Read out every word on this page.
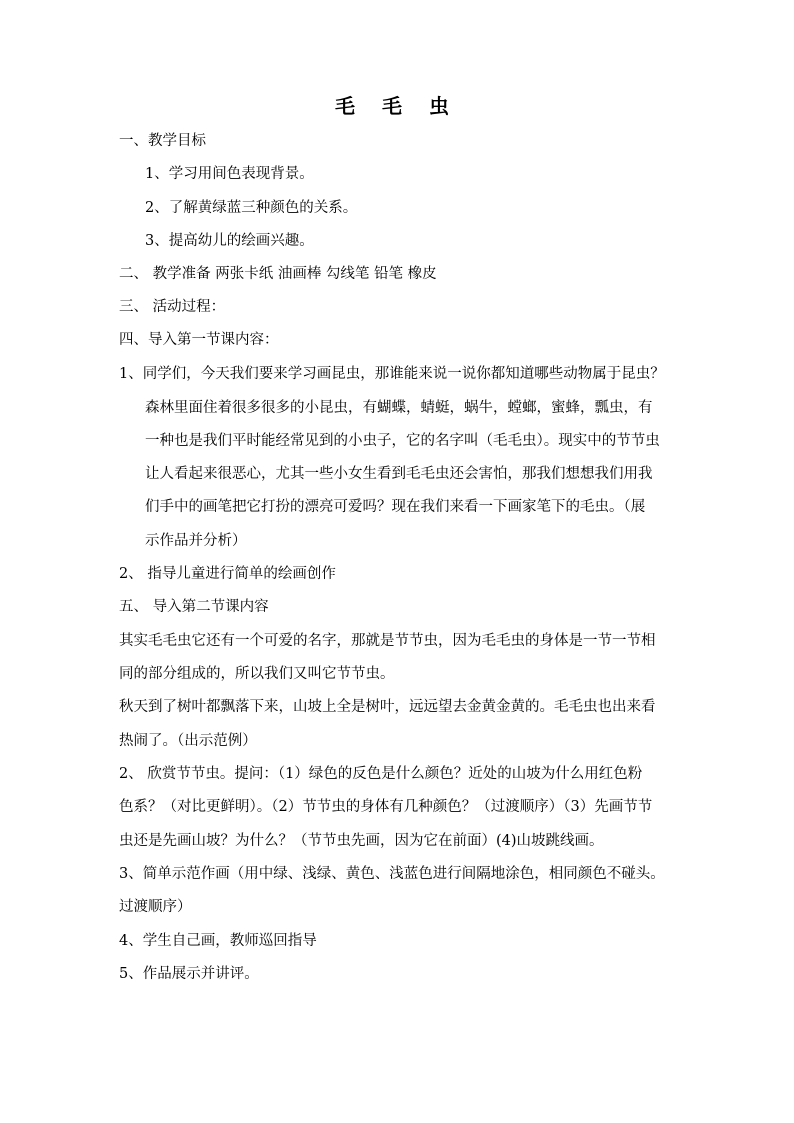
毛 毛 虫
一、教学目标
1、学习用间色表现背景。
2、了解黄绿蓝三种颜色的关系。
3、提高幼儿的绘画兴趣。
二、 教学准备 两张卡纸 油画棒 勾线笔 铅笔 橡皮
三、 活动过程：
四、导入第一节课内容：
1、同学们，今天我们要来学习画昆虫，那谁能来说一说你都知道哪些动物属于昆虫？
森林里面住着很多很多的小昆虫，有蝴蝶，蜻蜓，蜗牛，螳螂，蜜蜂，瓢虫，有
一种也是我们平时能经常见到的小虫子，它的名字叫（毛毛虫）。现实中的节节虫
让人看起来很恶心，尤其一些小女生看到毛毛虫还会害怕，那我们想想我们用我
们手中的画笔把它打扮的漂亮可爱吗？现在我们来看一下画家笔下的毛虫。（展
示作品并分析）
2、 指导儿童进行简单的绘画创作
五、 导入第二节课内容
其实毛毛虫它还有一个可爱的名字，那就是节节虫，因为毛毛虫的身体是一节一节相
同的部分组成的，所以我们又叫它节节虫。
秋天到了树叶都飘落下来，山坡上全是树叶，远远望去金黄金黄的。毛毛虫也出来看
热闹了。（出示范例）
2、 欣赏节节虫。提问：（1）绿色的反色是什么颜色？近处的山坡为什么用红色粉
色系？（对比更鲜明）。（2）节节虫的身体有几种颜色？（过渡顺序）（3）先画节节
虫还是先画山坡？为什么？（节节虫先画，因为它在前面）(4)山坡跳线画。
3、简单示范作画（用中绿、浅绿、黄色、浅蓝色进行间隔地涂色，相同颜色不碰头。
过渡顺序）
4、学生自己画，教师巡回指导
5、作品展示并讲评。
